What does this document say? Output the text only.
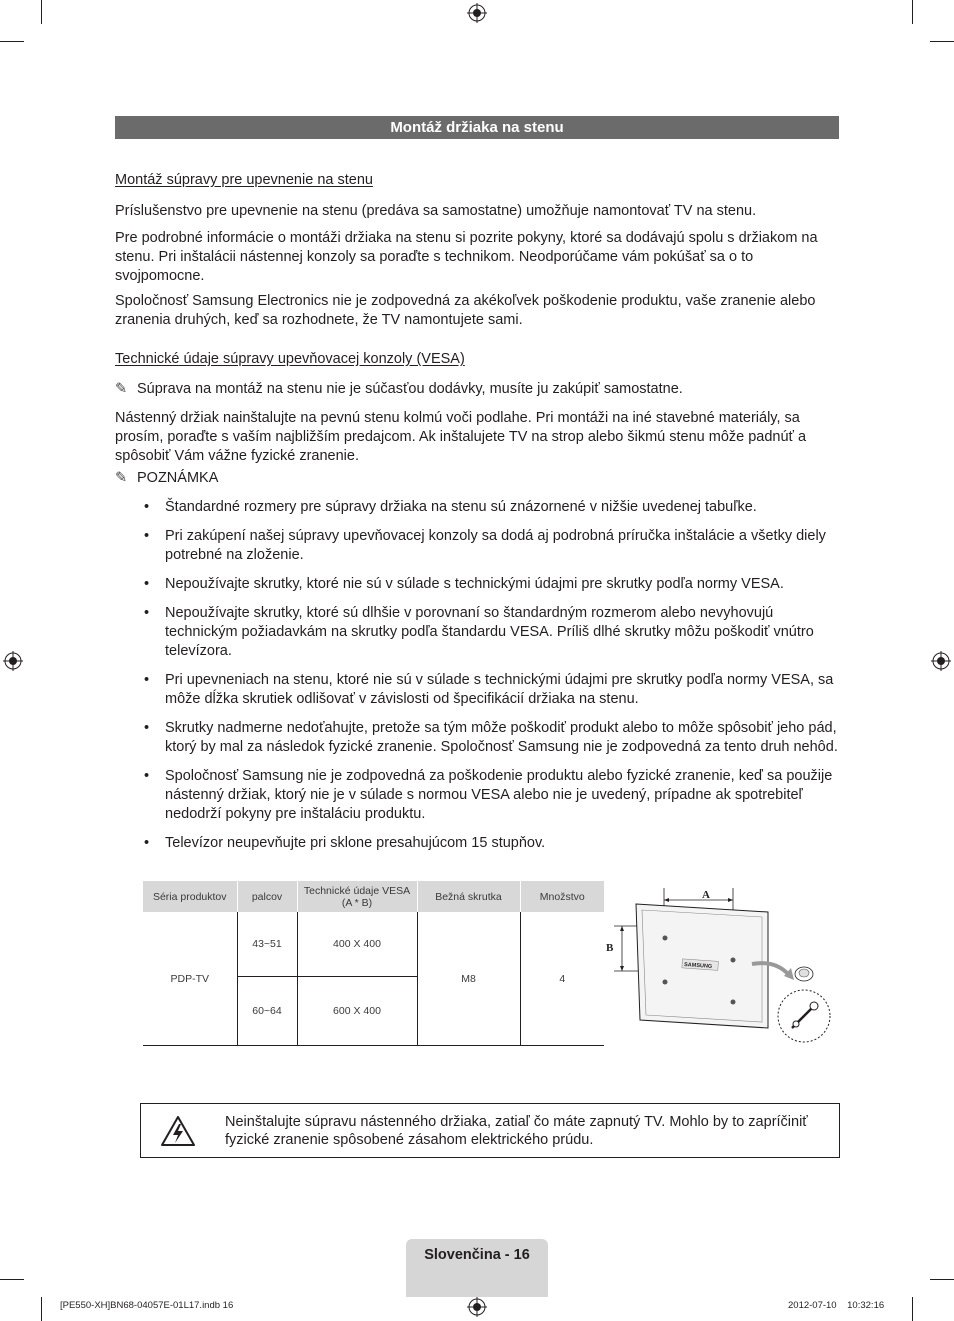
Montáž držiaka na stenu
Montáž súpravy pre upevnenie na stenu

Príslušenstvo pre upevnenie na stenu (predáva sa samostatne) umožňuje namontovať TV na stenu.

Pre podrobné informácie o montáži držiaka na stenu si pozrite pokyny, ktoré sa dodávajú spolu s držiakom na stenu. Pri inštalácii nástennej konzoly sa poraďte s technikom. Neodporúčame vám pokúšať sa o to svojpomocne.

Spoločnosť Samsung Electronics nie je zodpovedná za akékoľvek poškodenie produktu, vaše zranenie alebo zranenia druhých, keď sa rozhodnete, že TV namontujete sami.

Technické údaje súpravy upevňovacej konzoly (VESA)
✎ Súprava na montáž na stenu nie je súčasťou dodávky, musíte ju zakúpiť samostatne.

Nástenný držiak nainštalujte na pevnú stenu kolmú voči podlahe. Pri montáži na iné stavebné materiály, sa prosím, poraďte s vaším najbližším predajcom. Ak inštalujete TV na strop alebo šikmú stenu môže padnúť a spôsobiť Vám vážne fyzické zranenie.

✎ POZNÁMKA
• Štandardné rozmery pre súpravy držiaka na stenu sú znázornené v nižšie uvedenej tabuľke.
• Pri zakúpení našej súpravy upevňovacej konzoly sa dodá aj podrobná príručka inštalácie a všetky diely potrebné na zloženie.
• Nepoužívajte skrutky, ktoré nie sú v súlade s technickými údajmi pre skrutky podľa normy VESA.
• Nepoužívajte skrutky, ktoré sú dlhšie v porovnaní so štandardným rozmerom alebo nevyhovujú technickým požiadavkám na skrutky podľa štandardu VESA. Príliš dlhé skrutky môžu poškodiť vnútro televízora.
• Pri upevneniach na stenu, ktoré nie sú v súlade s technickými údajmi pre skrutky podľa normy VESA, sa môže dĺžka skrutiek odlišovať v závislosti od špecifikácií držiaka na stenu.
• Skrutky nadmerne nedoťahujte, pretože sa tým môže poškodiť produkt alebo to môže spôsobiť jeho pád, ktorý by mal za následok fyzické zranenie. Spoločnosť Samsung nie je zodpovedná za tento druh nehôd.
• Spoločnosť Samsung nie je zodpovedná za poškodenie produktu alebo fyzické zranenie, keď sa použije nástenný držiak, ktorý nie je v súlade s normou VESA alebo nie je uvedený, prípadne ak spotrebiteľ nedodrží pokyny pre inštaláciu produktu.
• Televízor neupevňujte pri sklone presahujúcom 15 stupňov.
Séria produktov	palcov	Technické údaje VESA (A * B)	Bežná skrutka	Množstvo
PDP-TV	43~51	400 X 400	M8	4
	60~64	600 X 400		
A
B
SAMSUNG
Neinštalujte súpravu nástenného držiaka, zatiaľ čo máte zapnutý TV. Mohlo by to zapríčiniť fyzické zranenie spôsobené zásahom elektrického prúdu.
Slovenčina - 16
[PE550-XH]BN68-04057E-01L17.indb 16	2012-07-10    10:32:16
